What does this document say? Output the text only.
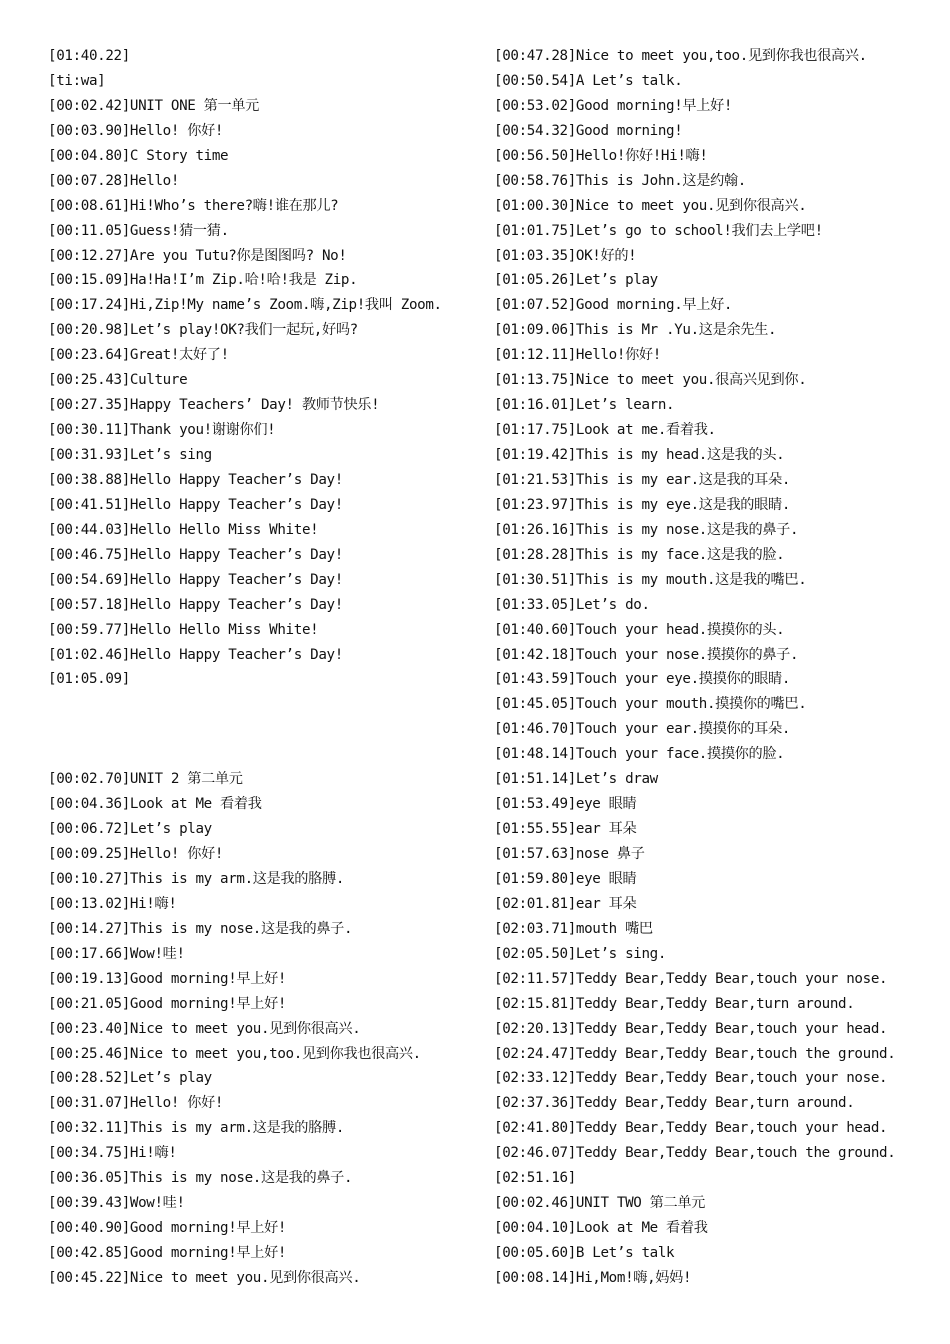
[01:40.22]
[ti:wa]
[00:02.42]UNIT ONE 第一单元
[00:03.90]Hello! 你好!
[00:04.80]C Story time
[00:07.28]Hello!
[00:08.61]Hi!Who’s there?嗨!谁在那儿?
[00:11.05]Guess!猜一猜.
[00:12.27]Are you Tutu?你是图图吗? No!
[00:15.09]Ha!Ha!I’m Zip.哈!哈!我是 Zip.
[00:17.24]Hi,Zip!My name’s Zoom.嗨,Zip!我叫 Zoom.
[00:20.98]Let’s play!OK?我们一起玩,好吗?
[00:23.64]Great!太好了!
[00:25.43]Culture
[00:27.35]Happy Teachers’ Day! 教师节快乐!
[00:30.11]Thank you!谢谢你们!
[00:31.93]Let’s sing
[00:38.88]Hello Happy Teacher’s Day!
[00:41.51]Hello Happy Teacher’s Day!
[00:44.03]Hello Hello Miss White!
[00:46.75]Hello Happy Teacher’s Day!
[00:54.69]Hello Happy Teacher’s Day!
[00:57.18]Hello Happy Teacher’s Day!
[00:59.77]Hello Hello Miss White!
[01:02.46]Hello Happy Teacher’s Day!
[01:05.09]
[00:02.70]UNIT 2 第二单元
[00:04.36]Look at Me 看着我
[00:06.72]Let’s play
[00:09.25]Hello! 你好!
[00:10.27]This is my arm.这是我的胳膊.
[00:13.02]Hi!嗨!
[00:14.27]This is my nose.这是我的鼻子.
[00:17.66]Wow!哇!
[00:19.13]Good morning!早上好!
[00:21.05]Good morning!早上好!
[00:23.40]Nice to meet you.见到你很高兴.
[00:25.46]Nice to meet you,too.见到你我也很高兴.
[00:28.52]Let’s play
[00:31.07]Hello! 你好!
[00:32.11]This is my arm.这是我的胳膊.
[00:34.75]Hi!嗨!
[00:36.05]This is my nose.这是我的鼻子.
[00:39.43]Wow!哇!
[00:40.90]Good morning!早上好!
[00:42.85]Good morning!早上好!
[00:45.22]Nice to meet you.见到你很高兴.
[00:47.28]Nice to meet you,too.见到你我也很高兴.
[00:50.54]A Let’s talk.
[00:53.02]Good morning!早上好!
[00:54.32]Good morning!
[00:56.50]Hello!你好!Hi!嗨!
[00:58.76]This is John.这是约翰.
[01:00.30]Nice to meet you.见到你很高兴.
[01:01.75]Let’s go to school!我们去上学吧!
[01:03.35]OK!好的!
[01:05.26]Let’s play
[01:07.52]Good morning.早上好.
[01:09.06]This is Mr .Yu.这是余先生.
[01:12.11]Hello!你好!
[01:13.75]Nice to meet you.很高兴见到你.
[01:16.01]Let’s learn.
[01:17.75]Look at me.看着我.
[01:19.42]This is my head.这是我的头.
[01:21.53]This is my ear.这是我的耳朵.
[01:23.97]This is my eye.这是我的眼睛.
[01:26.16]This is my nose.这是我的鼻子.
[01:28.28]This is my face.这是我的脸.
[01:30.51]This is my mouth.这是我的嘴巴.
[01:33.05]Let’s do.
[01:40.60]Touch your head.摸摸你的头.
[01:42.18]Touch your nose.摸摸你的鼻子.
[01:43.59]Touch your eye.摸摸你的眼睛.
[01:45.05]Touch your mouth.摸摸你的嘴巴.
[01:46.70]Touch your ear.摸摸你的耳朵.
[01:48.14]Touch your face.摸摸你的脸.
[01:51.14]Let’s draw
[01:53.49]eye 眼睛
[01:55.55]ear 耳朵
[01:57.63]nose 鼻子
[01:59.80]eye 眼睛
[02:01.81]ear 耳朵
[02:03.71]mouth 嘴巴
[02:05.50]Let’s sing.
[02:11.57]Teddy Bear,Teddy Bear,touch your nose.
[02:15.81]Teddy Bear,Teddy Bear,turn around.
[02:20.13]Teddy Bear,Teddy Bear,touch your head.
[02:24.47]Teddy Bear,Teddy Bear,touch the ground.
[02:33.12]Teddy Bear,Teddy Bear,touch your nose.
[02:37.36]Teddy Bear,Teddy Bear,turn around.
[02:41.80]Teddy Bear,Teddy Bear,touch your head.
[02:46.07]Teddy Bear,Teddy Bear,touch the ground.
[02:51.16]
[00:02.46]UNIT TWO 第二单元
[00:04.10]Look at Me 看着我
[00:05.60]B Let’s talk
[00:08.14]Hi,Mom!嗨,妈妈!
